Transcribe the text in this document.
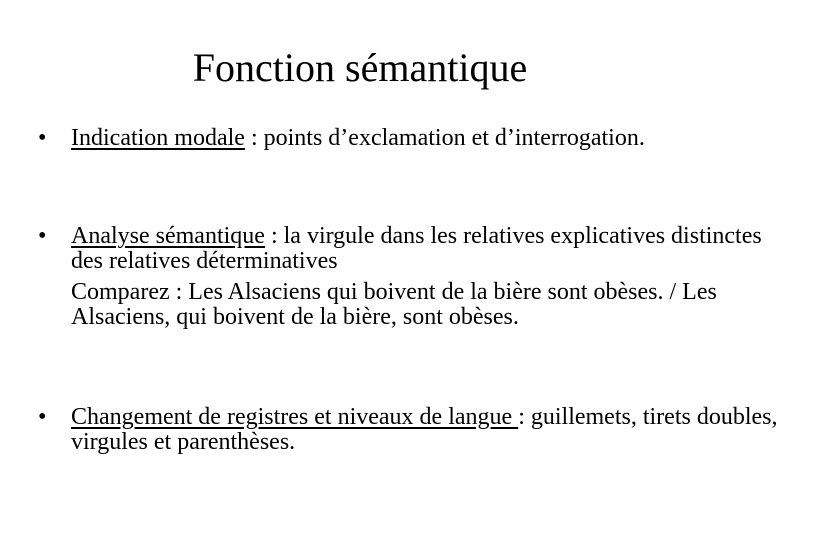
Fonction sémantique
• Indication modale : points d’exclamation et d’interrogation.
• Analyse sémantique : la virgule dans les relatives explicatives distinctes des relatives déterminatives
Comparez : Les Alsaciens qui boivent de la bière sont obèses. / Les Alsaciens, qui boivent de la bière, sont obèses.
• Changement de registres et niveaux de langue : guillemets, tirets doubles, virgules et parenthèses.
